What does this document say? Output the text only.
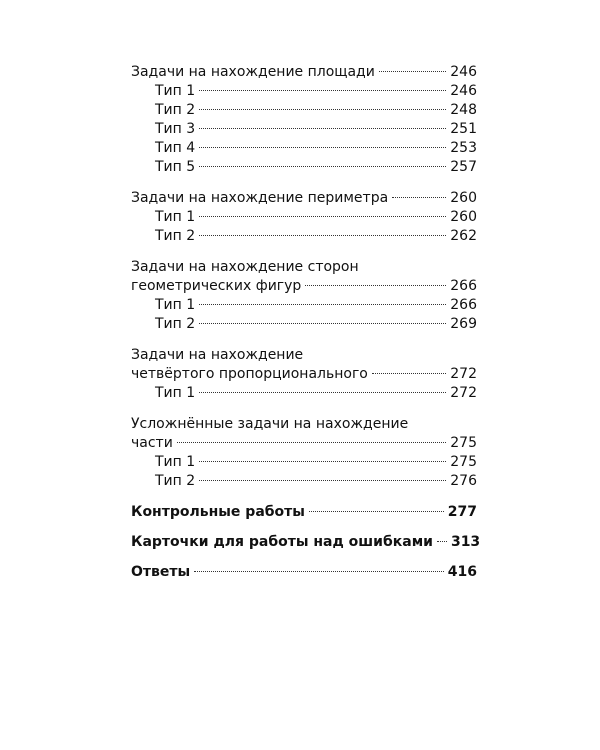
Задачи на нахождение площади	246
Тип 1	246
Тип 2	248
Тип 3	251
Тип 4	253
Тип 5	257
Задачи на нахождение периметра	260
Тип 1	260
Тип 2	262
Задачи на нахождение сторон
геометрических фигур	266
Тип 1	266
Тип 2	269
Задачи на нахождение
четвёртого пропорционального	272
Тип 1	272
Усложнённые задачи на нахождение
части	275
Тип 1	275
Тип 2	276
Контрольные работы	277
Карточки для работы над ошибками 313
Ответы	416
